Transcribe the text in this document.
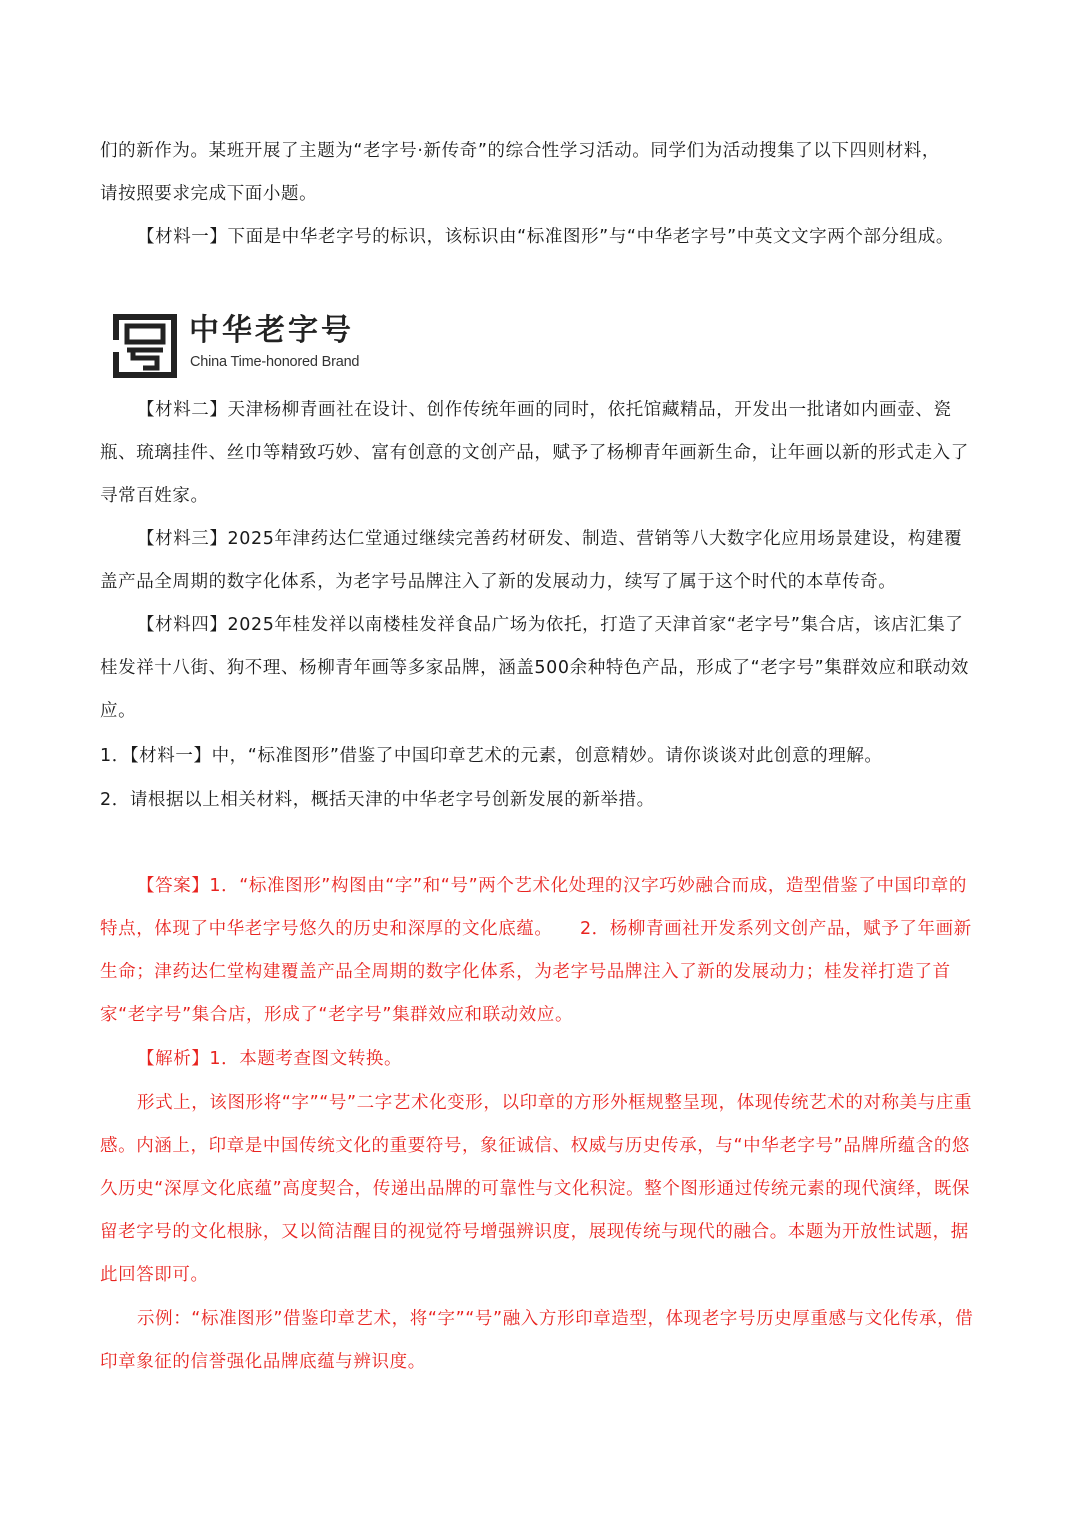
们的新作为。某班开展了主题为“老字号·新传奇”的综合性学习活动。同学们为活动搜集了以下四则材料，
请按照要求完成下面小题。
【材料一】下面是中华老字号的标识，该标识由“标准图形”与“中华老字号”中英文文字两个部分组成。
中华老字号
China Time-honored Brand
【材料二】天津杨柳青画社在设计、创作传统年画的同时，依托馆藏精品，开发出一批诸如内画壶、瓷瓶、琉璃挂件、丝巾等精致巧妙、富有创意的文创产品，赋予了杨柳青年画新生命，让年画以新的形式走入了寻常百姓家。
【材料三】2025年津药达仁堂通过继续完善药材研发、制造、营销等八大数字化应用场景建设，构建覆盖产品全周期的数字化体系，为老字号品牌注入了新的发展动力，续写了属于这个时代的本草传奇。
【材料四】2025年桂发祥以南楼桂发祥食品广场为依托，打造了天津首家“老字号”集合店，该店汇集了桂发祥十八街、狗不理、杨柳青年画等多家品牌，涵盖500余种特色产品，形成了“老字号”集群效应和联动效应。
1．【材料一】中，“标准图形”借鉴了中国印章艺术的元素，创意精妙。请你谈谈对此创意的理解。
2．请根据以上相关材料，概括天津的中华老字号创新发展的新举措。
【答案】1．“标准图形”构图由“字”和“号”两个艺术化处理的汉字巧妙融合而成，造型借鉴了中国印章的特点，体现了中华老字号悠久的历史和深厚的文化底蕴。　　2．杨柳青画社开发系列文创产品，赋予了年画新生命；津药达仁堂构建覆盖产品全周期的数字化体系，为老字号品牌注入了新的发展动力；桂发祥打造了首家“老字号”集合店，形成了“老字号”集群效应和联动效应。
【解析】1．本题考查图文转换。
形式上，该图形将“字”“号”二字艺术化变形，以印章的方形外框规整呈现，体现传统艺术的对称美与庄重感。内涵上，印章是中国传统文化的重要符号，象征诚信、权威与历史传承，与“中华老字号”品牌所蕴含的悠久历史“深厚文化底蕴”高度契合，传递出品牌的可靠性与文化积淀。整个图形通过传统元素的现代演绎，既保留老字号的文化根脉，又以简洁醒目的视觉符号增强辨识度，展现传统与现代的融合。本题为开放性试题，据此回答即可。
示例：“标准图形”借鉴印章艺术，将“字”“号”融入方形印章造型，体现老字号历史厚重感与文化传承，借印章象征的信誉强化品牌底蕴与辨识度。
